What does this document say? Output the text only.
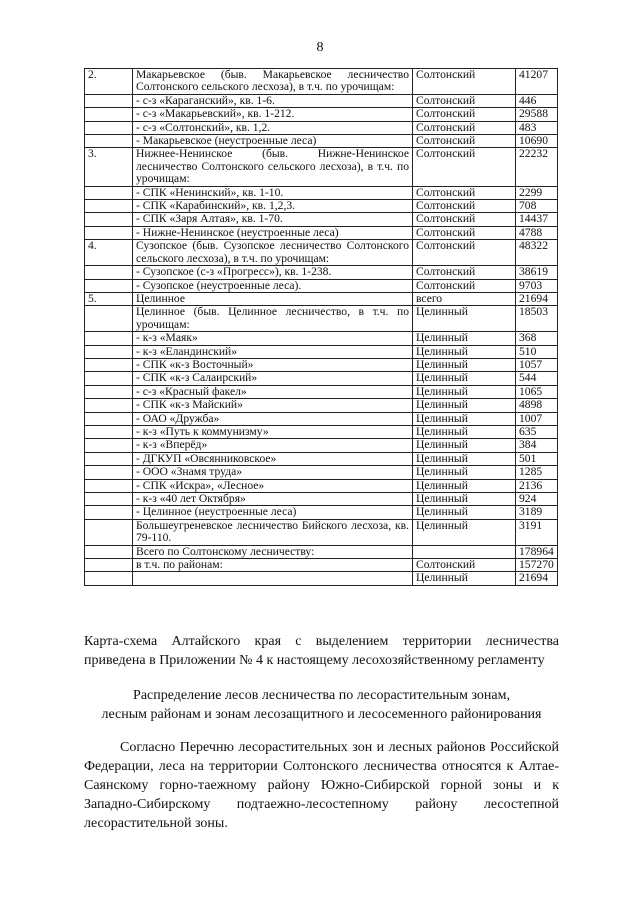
8
2.	Макарьевское (быв. Макарьевское лесничество Солтонского сельского лесхоза), в т.ч. по урочищам:	Солтонский	41207
	- с-з «Караганский», кв. 1-6.	Солтонский	446
	- с-з «Макарьевский», кв. 1-212.	Солтонский	29588
	- с-з «Солтонский», кв. 1,2.	Солтонский	483
	- Макарьевское (неустроенные леса)	Солтонский	10690
3.	Нижнее-Ненинское (быв. Нижне-Ненинское лесничество Солтонского сельского лесхоза), в т.ч. по урочищам:	Солтонский	22232
	- СПК «Ненинский», кв. 1-10.	Солтонский	2299
	- СПК «Карабинский», кв. 1,2,3.	Солтонский	708
	- СПК «Заря Алтая», кв. 1-70.	Солтонский	14437
	- Нижне-Ненинское (неустроенные леса)	Солтонский	4788
4.	Сузопское (быв. Сузопское лесничество Солтонского сельского лесхоза), в т.ч. по урочищам:	Солтонский	48322
	- Сузопское (с-з «Прогресс»), кв. 1-238.	Солтонский	38619
	- Сузопское (неустроенные леса).	Солтонский	9703
5.	Целинное	всего	21694
	Целинное (быв. Целинное лесничество, в т.ч. по урочищам:	Целинный	18503
	- к-з «Маяк»	Целинный	368
	- к-з «Еландинский»	Целинный	510
	- СПК «к-з Восточный»	Целинный	1057
	- СПК «к-з Салаирский»	Целинный	544
	- с-з «Красный факел»	Целинный	1065
	- СПК «к-з Майский»	Целинный	4898
	- ОАО «Дружба»	Целинный	1007
	- к-з «Путь к коммунизму»	Целинный	635
	- к-з «Вперёд»	Целинный	384
	- ДГКУП «Овсянниковское»	Целинный	501
	- ООО «Знамя труда»	Целинный	1285
	- СПК «Искра», «Лесное»	Целинный	2136
	- к-з «40 лет Октября»	Целинный	924
	- Целинное (неустроенные леса)	Целинный	3189
	Большеугреневское лесничество Бийского лесхоза, кв. 79-110.	Целинный	3191
	Всего по Солтонскому лесничеству:		178964
	в т.ч. по районам:	Солтонский	157270
		Целинный	21694
Карта-схема Алтайского края с выделением территории лесничества
приведена в Приложении № 4 к настоящему лесохозяйственному регламенту
Распределение лесов лесничества по лесорастительным зонам,
лесным районам и зонам лесозащитного и лесосеменного районирования
Согласно Перечню лесорастительных зон и лесных районов Российской
Федерации, леса на территории Солтонского лесничества относятся к Алтае-
Саянскому горно-таежному району Южно-Сибирской горной зоны и к
Западно-Сибирскому подтаежно-лесостепному району лесостепной
лесорастительной зоны.
